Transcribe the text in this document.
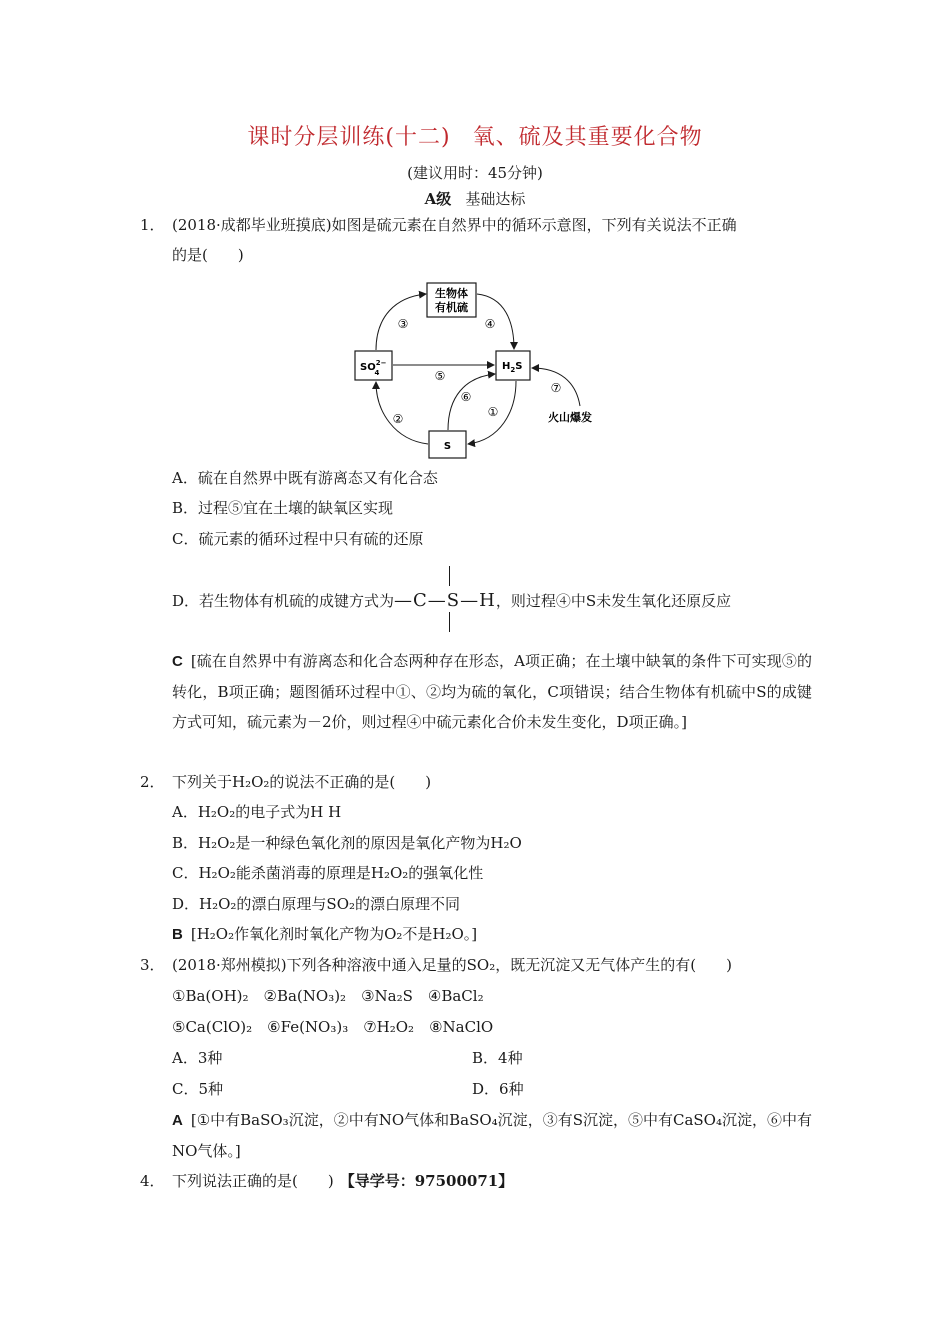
课时分层训练(十二) 氧、硫及其重要化合物
(建议用时：45分钟)
A级 基础达标
1． (2018·成都毕业班摸底)如图是硫元素在自然界中的循环示意图，下列有关说法不正确
的是(　　)
生物体
有机硫
$SO^{2-}$ 4
$H_2S$
S
③	④
⑤
⑥
①
②
⑦
火山爆发
A．硫在自然界中既有游离态又有化合态
B．过程⑤宜在土壤的缺氧区实现
C．硫元素的循环过程中只有硫的还原
D．若生物体有机硫的成键方式为—C—S—H，则过程④中S未发生氧化还原反应
C [硫在自然界中有游离态和化合态两种存在形态，A项正确；在土壤中缺氧的条件下可实现⑤的转化，B项正确；题图循环过程中①、②均为硫的氧化，C项错误；结合生物体有机硫中S的成键方式可知，硫元素为－2价，则过程④中硫元素化合价未发生变化，D项正确。]
2． 下列关于H₂O₂的说法不正确的是(　　)
A．H₂O₂的电子式为H H
B．H₂O₂是一种绿色氧化剂的原因是氧化产物为H₂O
C．H₂O₂能杀菌消毒的原理是H₂O₂的强氧化性
D．H₂O₂的漂白原理与SO₂的漂白原理不同
B [H₂O₂作氧化剂时氧化产物为O₂不是H₂O。]
3． (2018·郑州模拟)下列各种溶液中通入足量的SO₂，既无沉淀又无气体产生的有(　　)
①Ba(OH)₂　②Ba(NO₃)₂　③Na₂S　④BaCl₂
⑤Ca(ClO)₂　⑥Fe(NO₃)₃　⑦H₂O₂　⑧NaClO
A．3种	B．4种
C．5种	D．6种
A [①中有BaSO₃沉淀，②中有NO气体和BaSO₄沉淀，③有S沉淀，⑤中有CaSO₄沉淀，⑥中有NO气体。]
4． 下列说法正确的是(　　) 【导学号：97500071】
